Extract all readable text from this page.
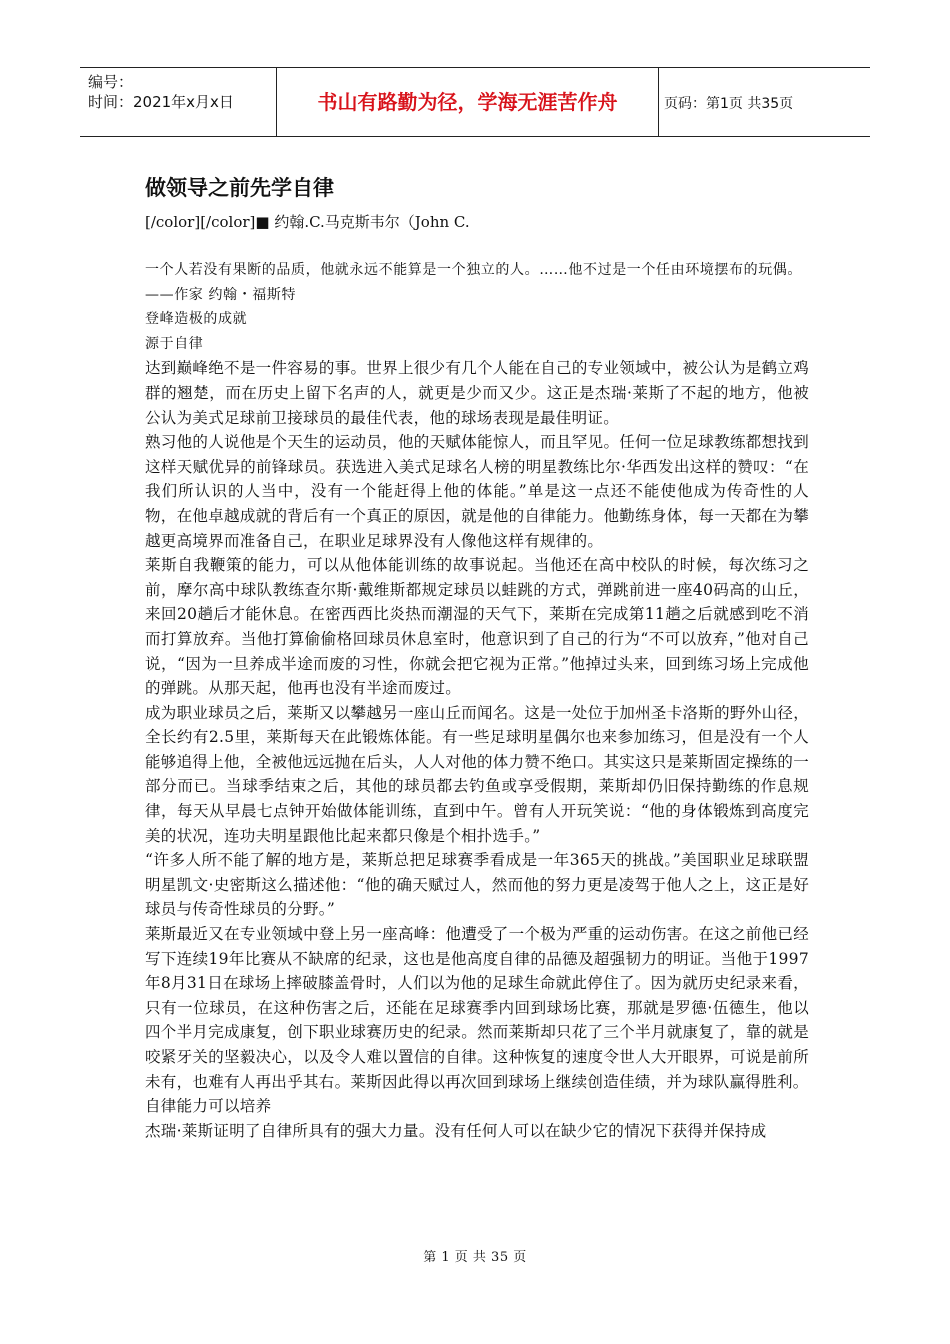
编号：
时间：2021年x月x日	书山有路勤为径，学海无涯苦作舟	页码：第1页 共35页
做领导之前先学自律
[/color][/color]■ 约翰.C.马克斯韦尔（John C.

一个人若没有果断的品质，他就永远不能算是一个独立的人。……他不过是一个任由环境摆布的玩偶。

——作家 约翰・福斯特

登峰造极的成就

源于自律

达到巅峰绝不是一件容易的事。世界上很少有几个人能在自己的专业领域中，被公认为是鹤立鸡群的翘楚，而在历史上留下名声的人，就更是少而又少。这正是杰瑞·莱斯了不起的地方，他被公认为美式足球前卫接球员的最佳代表，他的球场表现是最佳明证。

熟习他的人说他是个天生的运动员，他的天赋体能惊人，而且罕见。任何一位足球教练都想找到这样天赋优异的前锋球员。获选进入美式足球名人榜的明星教练比尔·华西发出这样的赞叹：“在我们所认识的人当中，没有一个能赶得上他的体能。”单是这一点还不能使他成为传奇性的人物，在他卓越成就的背后有一个真正的原因，就是他的自律能力。他勤练身体，每一天都在为攀越更高境界而准备自己，在职业足球界没有人像他这样有规律的。

莱斯自我鞭策的能力，可以从他体能训练的故事说起。当他还在高中校队的时候，每次练习之前，摩尔高中球队教练查尔斯·戴维斯都规定球员以蛙跳的方式，弹跳前进一座40码高的山丘，来回20趟后才能休息。在密西西比炎热而潮湿的天气下，莱斯在完成第11趟之后就感到吃不消而打算放弃。当他打算偷偷格回球员休息室时，他意识到了自己的行为“不可以放弃，”他对自己说，“因为一旦养成半途而废的习性，你就会把它视为正常。”他掉过头来，回到练习场上完成他的弹跳。从那天起，他再也没有半途而废过。

成为职业球员之后，莱斯又以攀越另一座山丘而闻名。这是一处位于加州圣卡洛斯的野外山径，全长约有2.5里，莱斯每天在此锻炼体能。有一些足球明星偶尔也来参加练习，但是没有一个人能够追得上他，全被他远远抛在后头，人人对他的体力赞不绝口。其实这只是莱斯固定操练的一部分而已。当球季结束之后，其他的球员都去钓鱼或享受假期，莱斯却仍旧保持勤练的作息规律，每天从早晨七点钟开始做体能训练，直到中午。曾有人开玩笑说：“他的身体锻炼到高度完美的状况，连功夫明星跟他比起来都只像是个相扑选手。”

“许多人所不能了解的地方是，莱斯总把足球赛季看成是一年365天的挑战。”美国职业足球联盟明星凯文·史密斯这么描述他：“他的确天赋过人，然而他的努力更是凌驾于他人之上，这正是好球员与传奇性球员的分野。”

莱斯最近又在专业领域中登上另一座高峰：他遭受了一个极为严重的运动伤害。在这之前他已经写下连续19年比赛从不缺席的纪录，这也是他高度自律的品德及超强韧力的明证。当他于1997年8月31日在球场上摔破膝盖骨时，人们以为他的足球生命就此停住了。因为就历史纪录来看，只有一位球员，在这种伤害之后，还能在足球赛季内回到球场比赛，那就是罗德·伍德生，他以四个半月完成康复，创下职业球赛历史的纪录。然而莱斯却只花了三个半月就康复了，靠的就是咬紧牙关的坚毅决心，以及令人难以置信的自律。这种恢复的速度令世人大开眼界，可说是前所未有，也难有人再出乎其右。莱斯因此得以再次回到球场上继续创造佳绩，并为球队赢得胜利。

自律能力可以培养

杰瑞·莱斯证明了自律所具有的强大力量。没有任何人可以在缺少它的情况下获得并保持成

第 1 页 共 35 页
